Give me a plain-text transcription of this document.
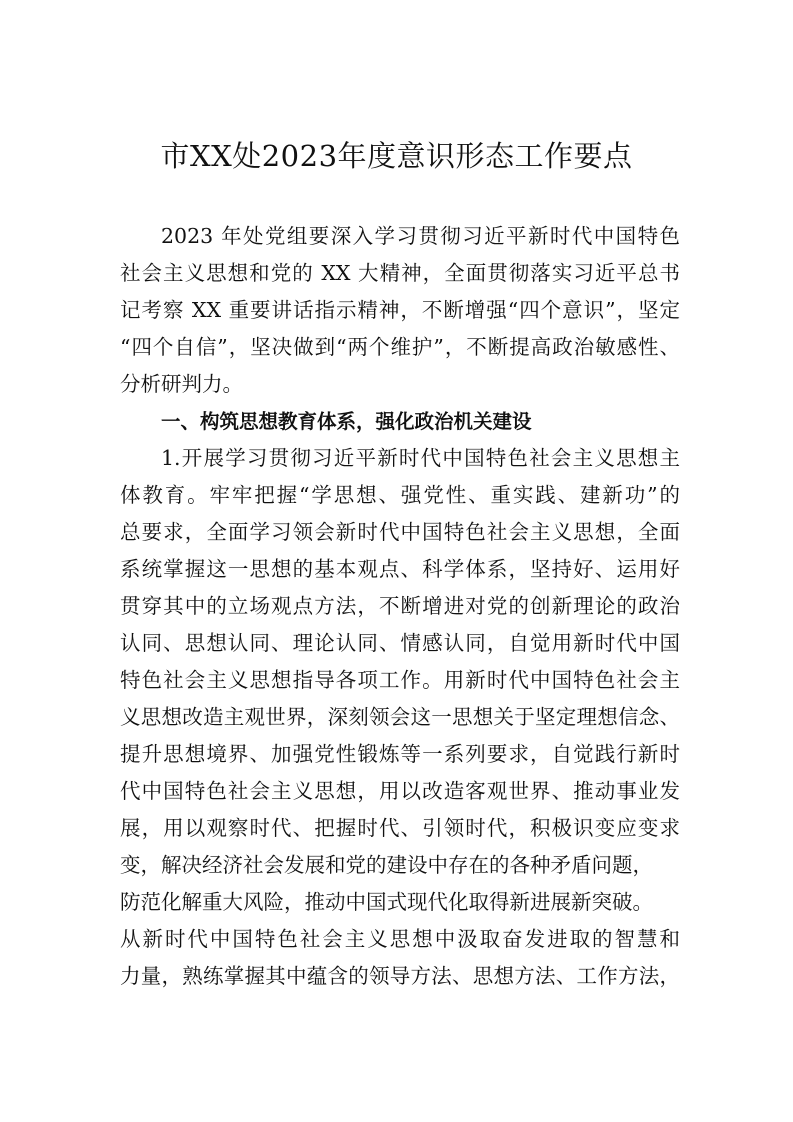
市XX处2023年度意识形态工作要点
2023 年处党组要深入学习贯彻习近平新时代中国特色
社会主义思想和党的 XX 大精神，全面贯彻落实习近平总书
记考察 XX 重要讲话指示精神，不断增强“四个意识”，坚定
“四个自信”，坚决做到“两个维护”，不断提高政治敏感性、
分析研判力。
一、构筑思想教育体系，强化政治机关建设
1.开展学习贯彻习近平新时代中国特色社会主义思想主
体教育。牢牢把握“学思想、强党性、重实践、建新功”的
总要求，全面学习领会新时代中国特色社会主义思想，全面
系统掌握这一思想的基本观点、科学体系，坚持好、运用好
贯穿其中的立场观点方法，不断增进对党的创新理论的政治
认同、思想认同、理论认同、情感认同，自觉用新时代中国
特色社会主义思想指导各项工作。用新时代中国特色社会主
义思想改造主观世界，深刻领会这一思想关于坚定理想信念、
提升思想境界、加强党性锻炼等一系列要求，自觉践行新时
代中国特色社会主义思想，用以改造客观世界、推动事业发
展，用以观察时代、把握时代、引领时代，积极识变应变求
变，解决经济社会发展和党的建设中存在的各种矛盾问题，
防范化解重大风险，推动中国式现代化取得新进展新突破。
从新时代中国特色社会主义思想中汲取奋发进取的智慧和
力量，熟练掌握其中蕴含的领导方法、思想方法、工作方法，
